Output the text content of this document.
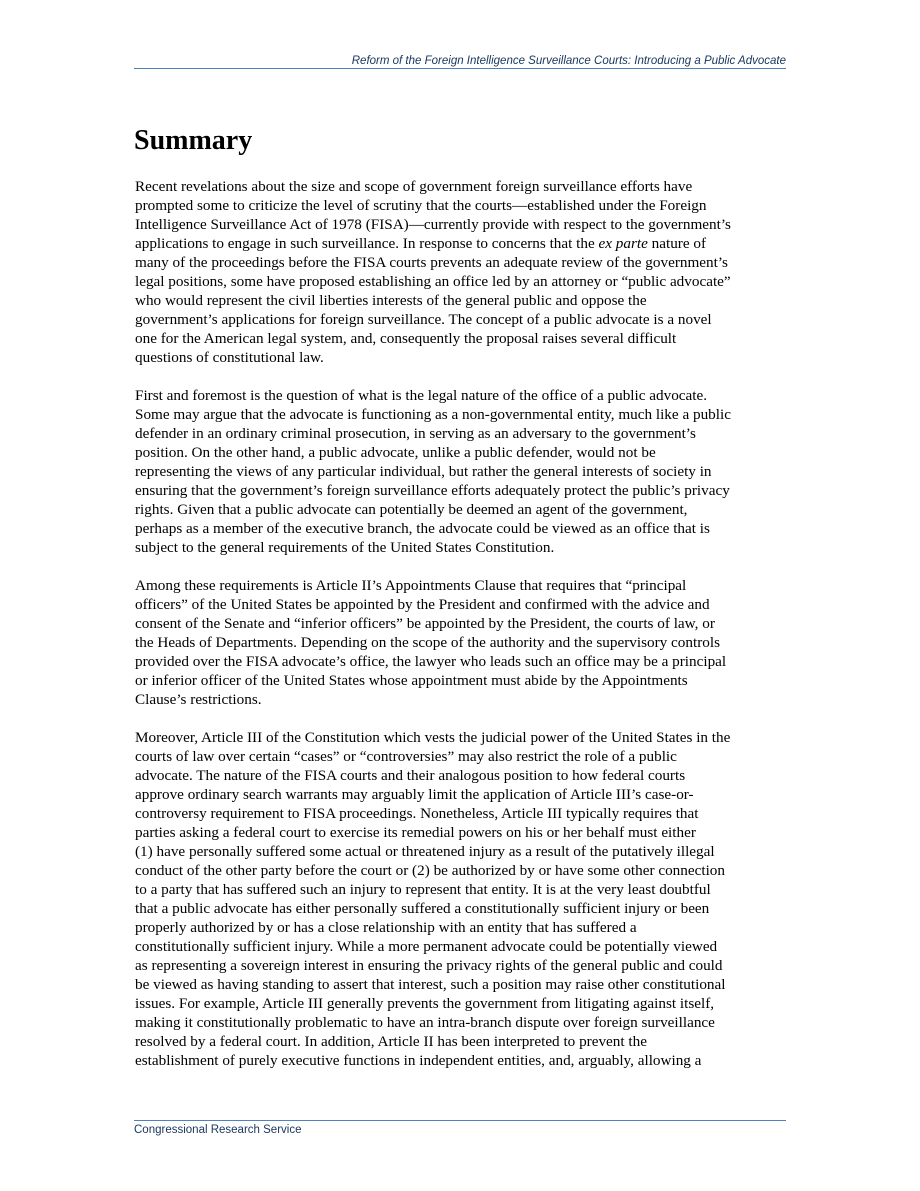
Reform of the Foreign Intelligence Surveillance Courts: Introducing a Public Advocate
Summary

Recent revelations about the size and scope of government foreign surveillance efforts have
prompted some to criticize the level of scrutiny that the courts—established under the Foreign
Intelligence Surveillance Act of 1978 (FISA)—currently provide with respect to the government’s
applications to engage in such surveillance. In response to concerns that the ex parte nature of
many of the proceedings before the FISA courts prevents an adequate review of the government’s
legal positions, some have proposed establishing an office led by an attorney or “public advocate”
who would represent the civil liberties interests of the general public and oppose the
government’s applications for foreign surveillance. The concept of a public advocate is a novel
one for the American legal system, and, consequently the proposal raises several difficult
questions of constitutional law.

First and foremost is the question of what is the legal nature of the office of a public advocate.
Some may argue that the advocate is functioning as a non-governmental entity, much like a public
defender in an ordinary criminal prosecution, in serving as an adversary to the government’s
position. On the other hand, a public advocate, unlike a public defender, would not be
representing the views of any particular individual, but rather the general interests of society in
ensuring that the government’s foreign surveillance efforts adequately protect the public’s privacy
rights. Given that a public advocate can potentially be deemed an agent of the government,
perhaps as a member of the executive branch, the advocate could be viewed as an office that is
subject to the general requirements of the United States Constitution.

Among these requirements is Article II’s Appointments Clause that requires that “principal
officers” of the United States be appointed by the President and confirmed with the advice and
consent of the Senate and “inferior officers” be appointed by the President, the courts of law, or
the Heads of Departments. Depending on the scope of the authority and the supervisory controls
provided over the FISA advocate’s office, the lawyer who leads such an office may be a principal
or inferior officer of the United States whose appointment must abide by the Appointments
Clause’s restrictions.

Moreover, Article III of the Constitution which vests the judicial power of the United States in the
courts of law over certain “cases” or “controversies” may also restrict the role of a public
advocate. The nature of the FISA courts and their analogous position to how federal courts
approve ordinary search warrants may arguably limit the application of Article III’s case-or-
controversy requirement to FISA proceedings. Nonetheless, Article III typically requires that
parties asking a federal court to exercise its remedial powers on his or her behalf must either
(1) have personally suffered some actual or threatened injury as a result of the putatively illegal
conduct of the other party before the court or (2) be authorized by or have some other connection
to a party that has suffered such an injury to represent that entity. It is at the very least doubtful
that a public advocate has either personally suffered a constitutionally sufficient injury or been
properly authorized by or has a close relationship with an entity that has suffered a
constitutionally sufficient injury. While a more permanent advocate could be potentially viewed
as representing a sovereign interest in ensuring the privacy rights of the general public and could
be viewed as having standing to assert that interest, such a position may raise other constitutional
issues. For example, Article III generally prevents the government from litigating against itself,
making it constitutionally problematic to have an intra-branch dispute over foreign surveillance
resolved by a federal court. In addition, Article II has been interpreted to prevent the
establishment of purely executive functions in independent entities, and, arguably, allowing a

Congressional Research Service
